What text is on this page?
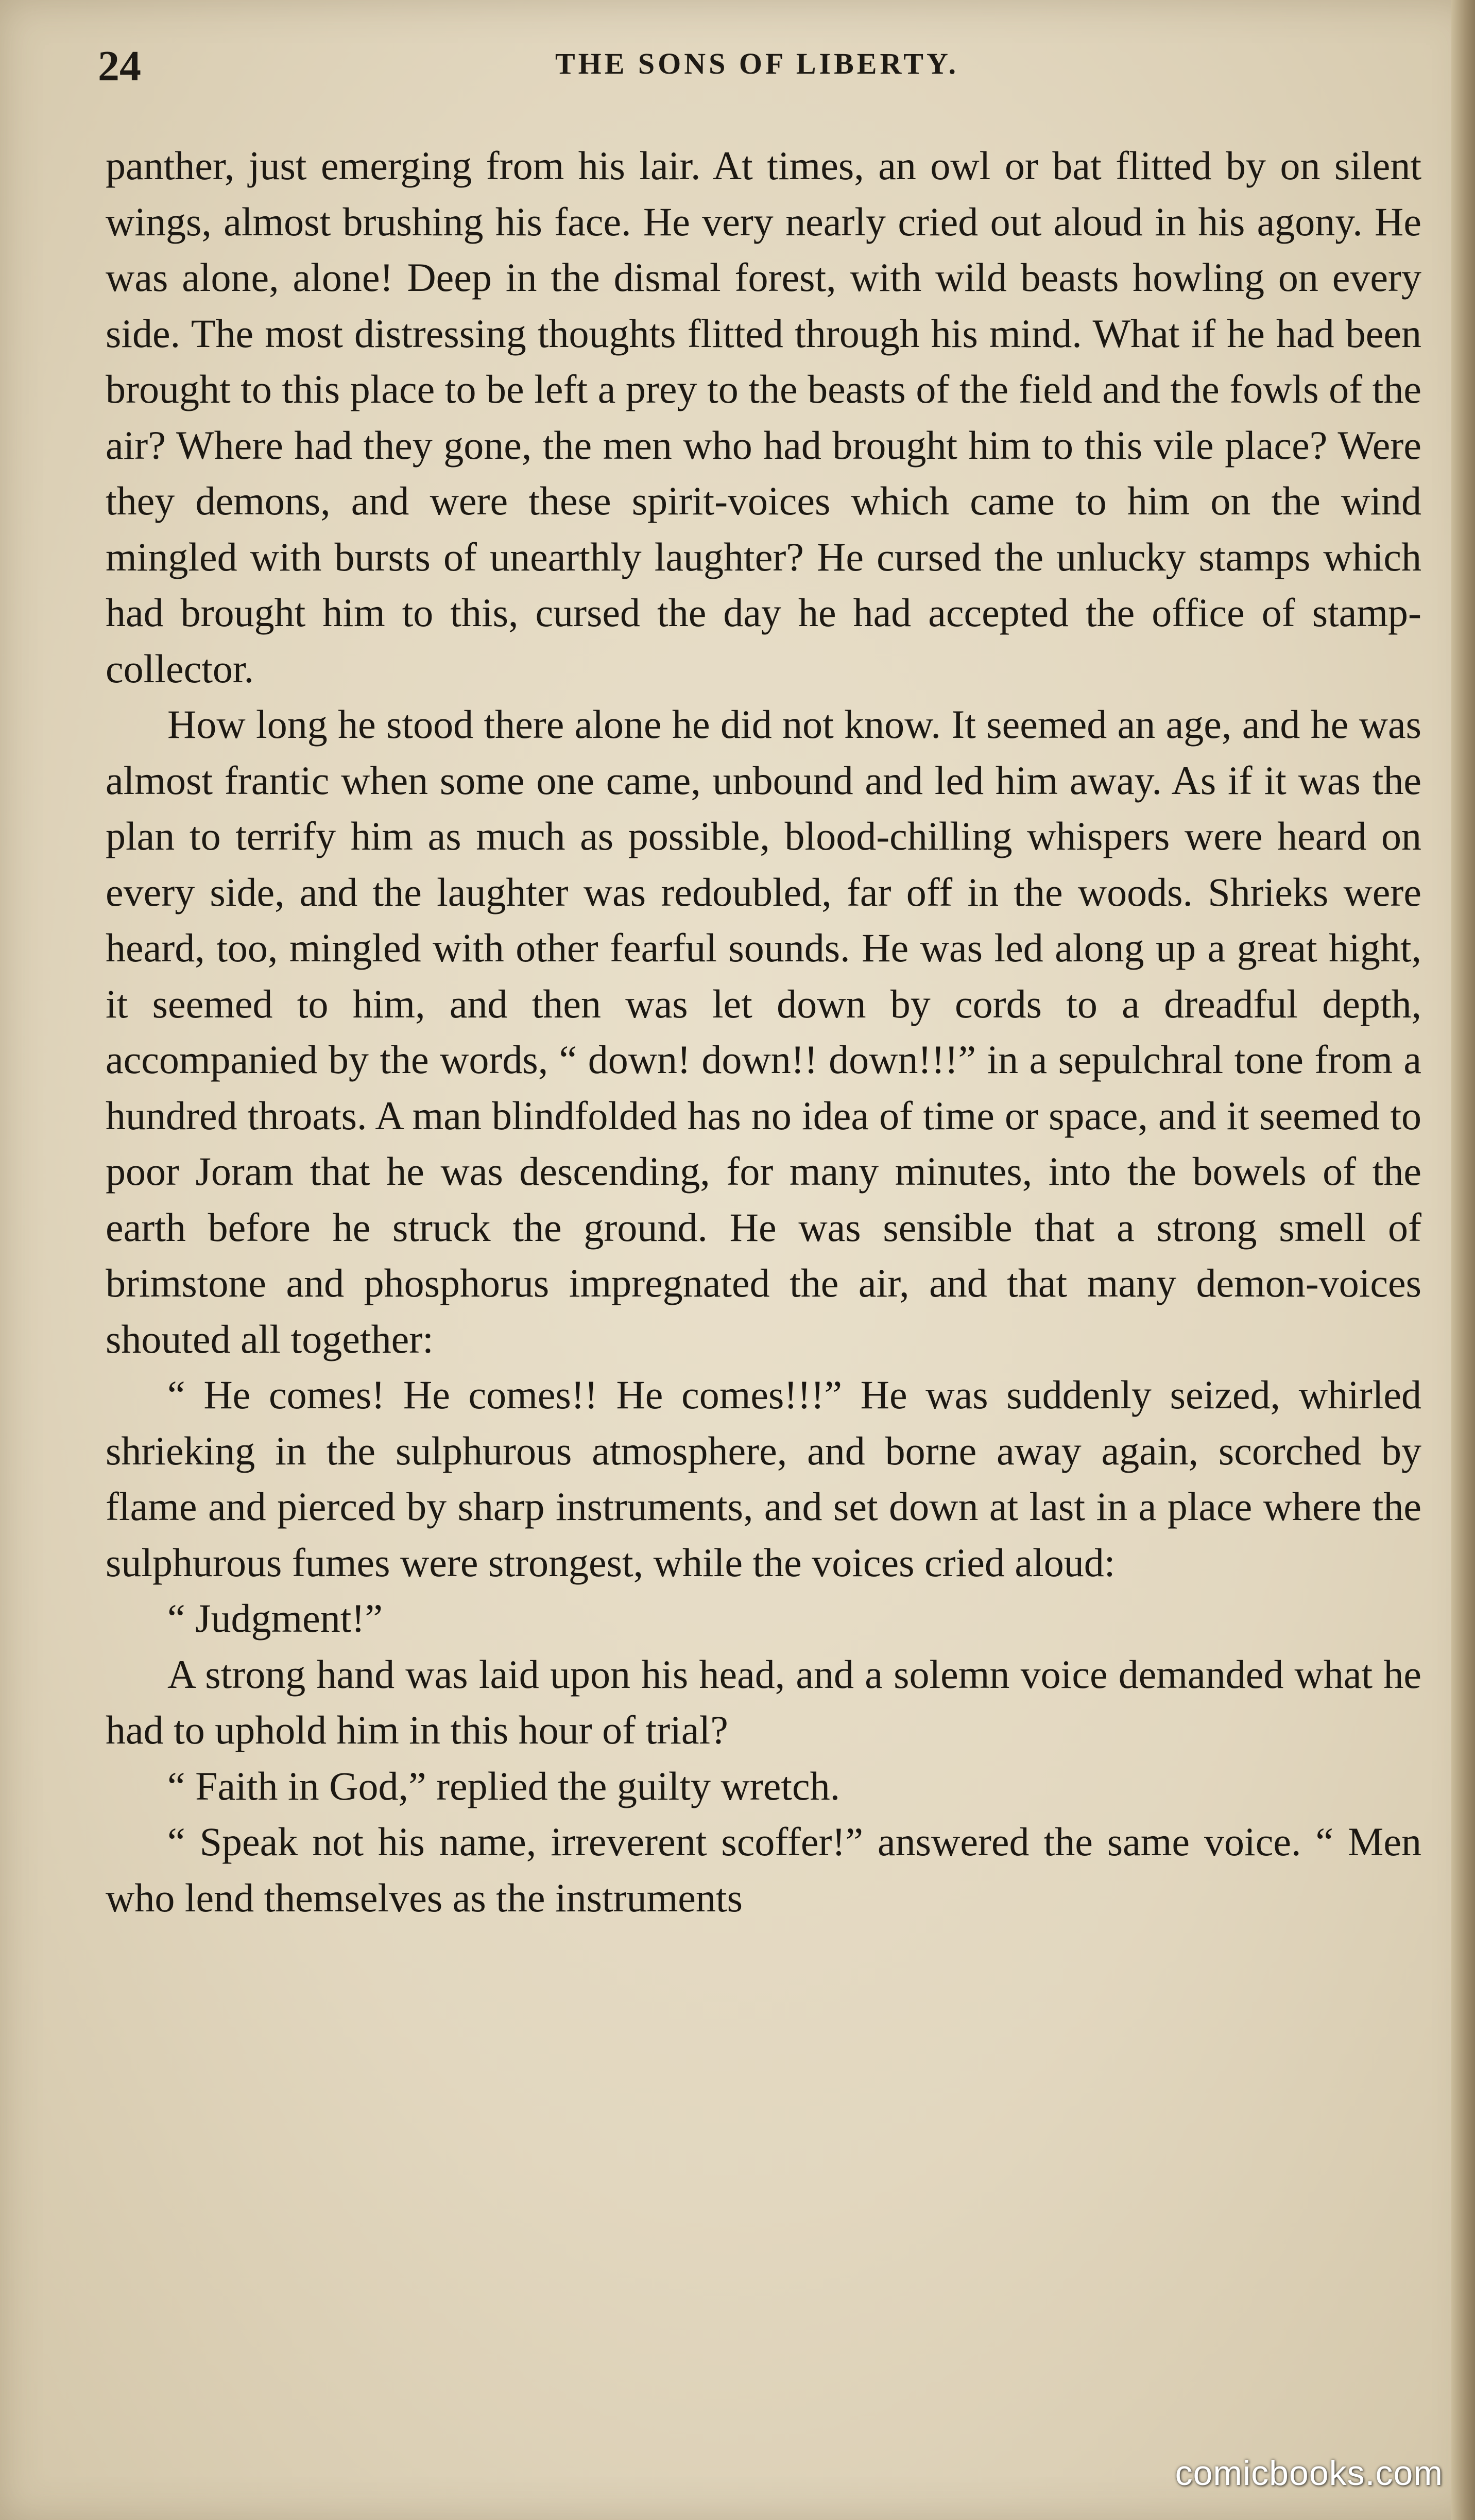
24	THE SONS OF LIBERTY.

panther, just emerging from his lair. At times, an owl or bat flitted by on silent wings, almost brushing his face. He very nearly cried out aloud in his agony. He was alone, alone! Deep in the dismal forest, with wild beasts howling on every side. The most distressing thoughts flitted through his mind. What if he had been brought to this place to be left a prey to the beasts of the field and the fowls of the air? Where had they gone, the men who had brought him to this vile place? Were they demons, and were these spirit-voices which came to him on the wind mingled with bursts of unearthly laughter? He cursed the unlucky stamps which had brought him to this, cursed the day he had accepted the office of stamp-collector.

How long he stood there alone he did not know. It seemed an age, and he was almost frantic when some one came, unbound and led him away. As if it was the plan to terrify him as much as possible, blood-chilling whispers were heard on every side, and the laughter was redoubled, far off in the woods. Shrieks were heard, too, mingled with other fearful sounds. He was led along up a great hight, it seemed to him, and then was let down by cords to a dreadful depth, accompanied by the words, “ down! down!! down!!!” in a sepulchral tone from a hundred throats. A man blindfolded has no idea of time or space, and it seemed to poor Joram that he was descending, for many minutes, into the bowels of the earth before he struck the ground. He was sensible that a strong smell of brimstone and phosphorus impregnated the air, and that many demon-voices shouted all together:

“ He comes! He comes!! He comes!!!” He was suddenly seized, whirled shrieking in the sulphurous atmosphere, and borne away again, scorched by flame and pierced by sharp instruments, and set down at last in a place where the sulphurous fumes were strongest, while the voices cried aloud:

“ Judgment!”

A strong hand was laid upon his head, and a solemn voice demanded what he had to uphold him in this hour of trial?

“ Faith in God,” replied the guilty wretch.

“ Speak not his name, irreverent scoffer!” answered the same voice. “ Men who lend themselves as the instruments

comicbooks.com
